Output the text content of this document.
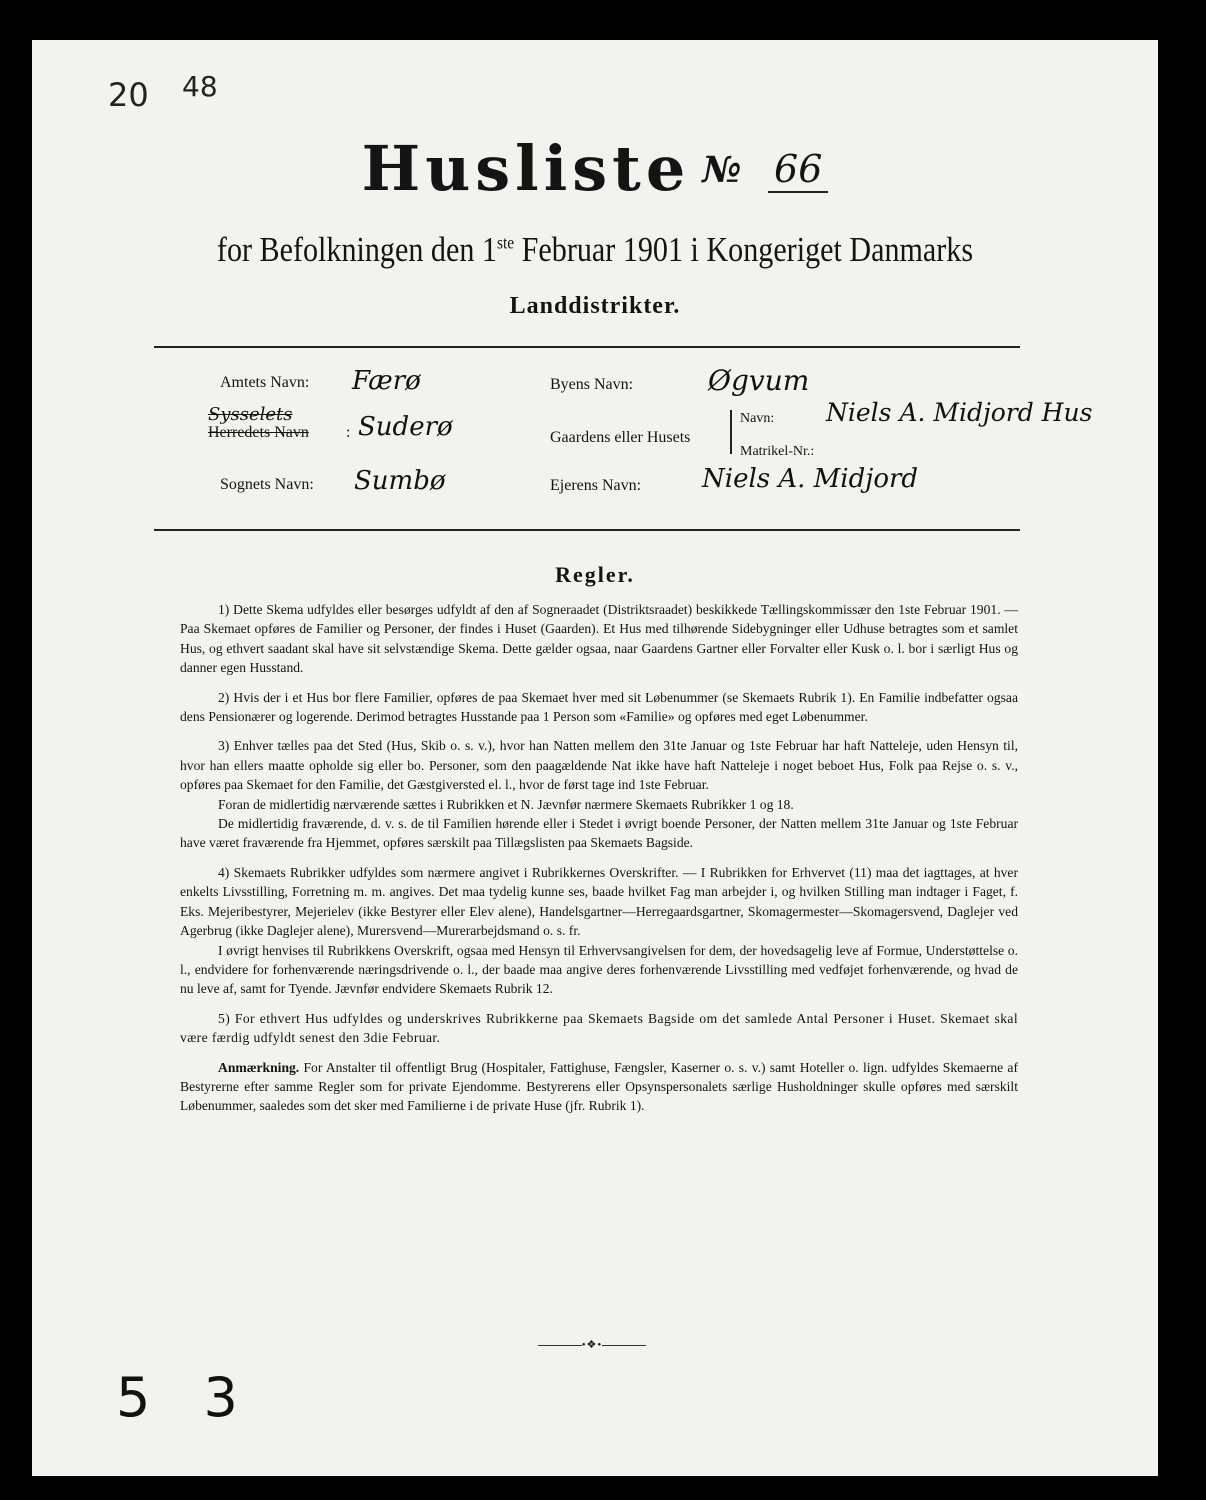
20 48
Husliste № 66
for Befolkningen den 1ste Februar 1901 i Kongeriget Danmarks
Landdistrikter.
Amtets Navn: Færø
Sysselets
Herredets Navn : Suderø
Sognets Navn: Sumbø
Byens Navn:	Øgvum
Gaardens eller Husets
Navn: Niels A. Midjord Hus
Matrikel-Nr.:
Ejerens Navn: Niels A. Midjord
Regler.

1) Dette Skema udfyldes eller besørges udfyldt af den af Sogneraadet (Distriktsraadet) beskikkede Tællingskommissær den 1ste Februar 1901. — Paa Skemaet opføres de Familier og Personer, der findes i Huset (Gaarden). Et Hus med tilhørende Sidebygninger eller Udhuse betragtes som et samlet Hus, og ethvert saadant skal have sit selvstændige Skema. Dette gælder ogsaa, naar Gaardens Gartner eller Forvalter eller Kusk o. l. bor i særligt Hus og danner egen Husstand.

2) Hvis der i et Hus bor flere Familier, opføres de paa Skemaet hver med sit Løbenummer (se Skemaets Rubrik 1). En Familie indbefatter ogsaa dens Pensionærer og logerende. Derimod betragtes Husstande paa 1 Person som «Familie» og opføres med eget Løbenummer.

3) Enhver tælles paa det Sted (Hus, Skib o. s. v.), hvor han Natten mellem den 31te Januar og 1ste Februar har haft Natteleje, uden Hensyn til, hvor han ellers maatte opholde sig eller bo. Personer, som den paagældende Nat ikke have haft Natteleje i noget beboet Hus, Folk paa Rejse o. s. v., opføres paa Skemaet for den Familie, det Gæstgiversted el. l., hvor de først tage ind 1ste Februar.

Foran de midlertidig nærværende sættes i Rubrikken et N. Jævnfør nærmere Skemaets Rubrikker 1 og 18.

De midlertidig fraværende, d. v. s. de til Familien hørende eller i Stedet i øvrigt boende Personer, der Natten mellem 31te Januar og 1ste Februar have været fraværende fra Hjemmet, opføres særskilt paa Tillægslisten paa Skemaets Bagside.

4) Skemaets Rubrikker udfyldes som nærmere angivet i Rubrikkernes Overskrifter. — I Rubrikken for Erhvervet (11) maa det iagttages, at hver enkelts Livsstilling, Forretning m. m. angives. Det maa tydelig kunne ses, baade hvilket Fag man arbejder i, og hvilken Stilling man indtager i Faget, f. Eks. Mejeribestyrer, Mejerielev (ikke Bestyrer eller Elev alene), Handelsgartner—Herregaardsgartner, Skomagermester—Skomagersvend, Daglejer ved Agerbrug (ikke Daglejer alene), Murersvend—Murerarbejdsmand o. s. fr.

I øvrigt henvises til Rubrikkens Overskrift, ogsaa med Hensyn til Erhvervsangivelsen for dem, der hovedsagelig leve af Formue, Understøttelse o. l., endvidere for forhenværende næringsdrivende o. l., der baade maa angive deres forhenværende Livsstilling med vedføjet forhenværende, og hvad de nu leve af, samt for Tyende. Jævnfør endvidere Skemaets Rubrik 12.

5) For ethvert Hus udfyldes og underskrives Rubrikkerne paa Skemaets Bagside om det samlede Antal Personer i Huset. Skemaet skal være færdig udfyldt senest den 3die Februar.

Anmærkning. For Anstalter til offentligt Brug (Hospitaler, Fattighuse, Fængsler, Kaserner o. s. v.) samt Hoteller o. lign. udfyldes Skemaerne af Bestyrerne efter samme Regler som for private Ejendomme. Bestyrerens eller Opsynspersonalets særlige Husholdninger skulle opføres med særskilt Løbenummer, saaledes som det sker med Familierne i de private Huse (jfr. Rubrik 1).

•❖•
5 3
